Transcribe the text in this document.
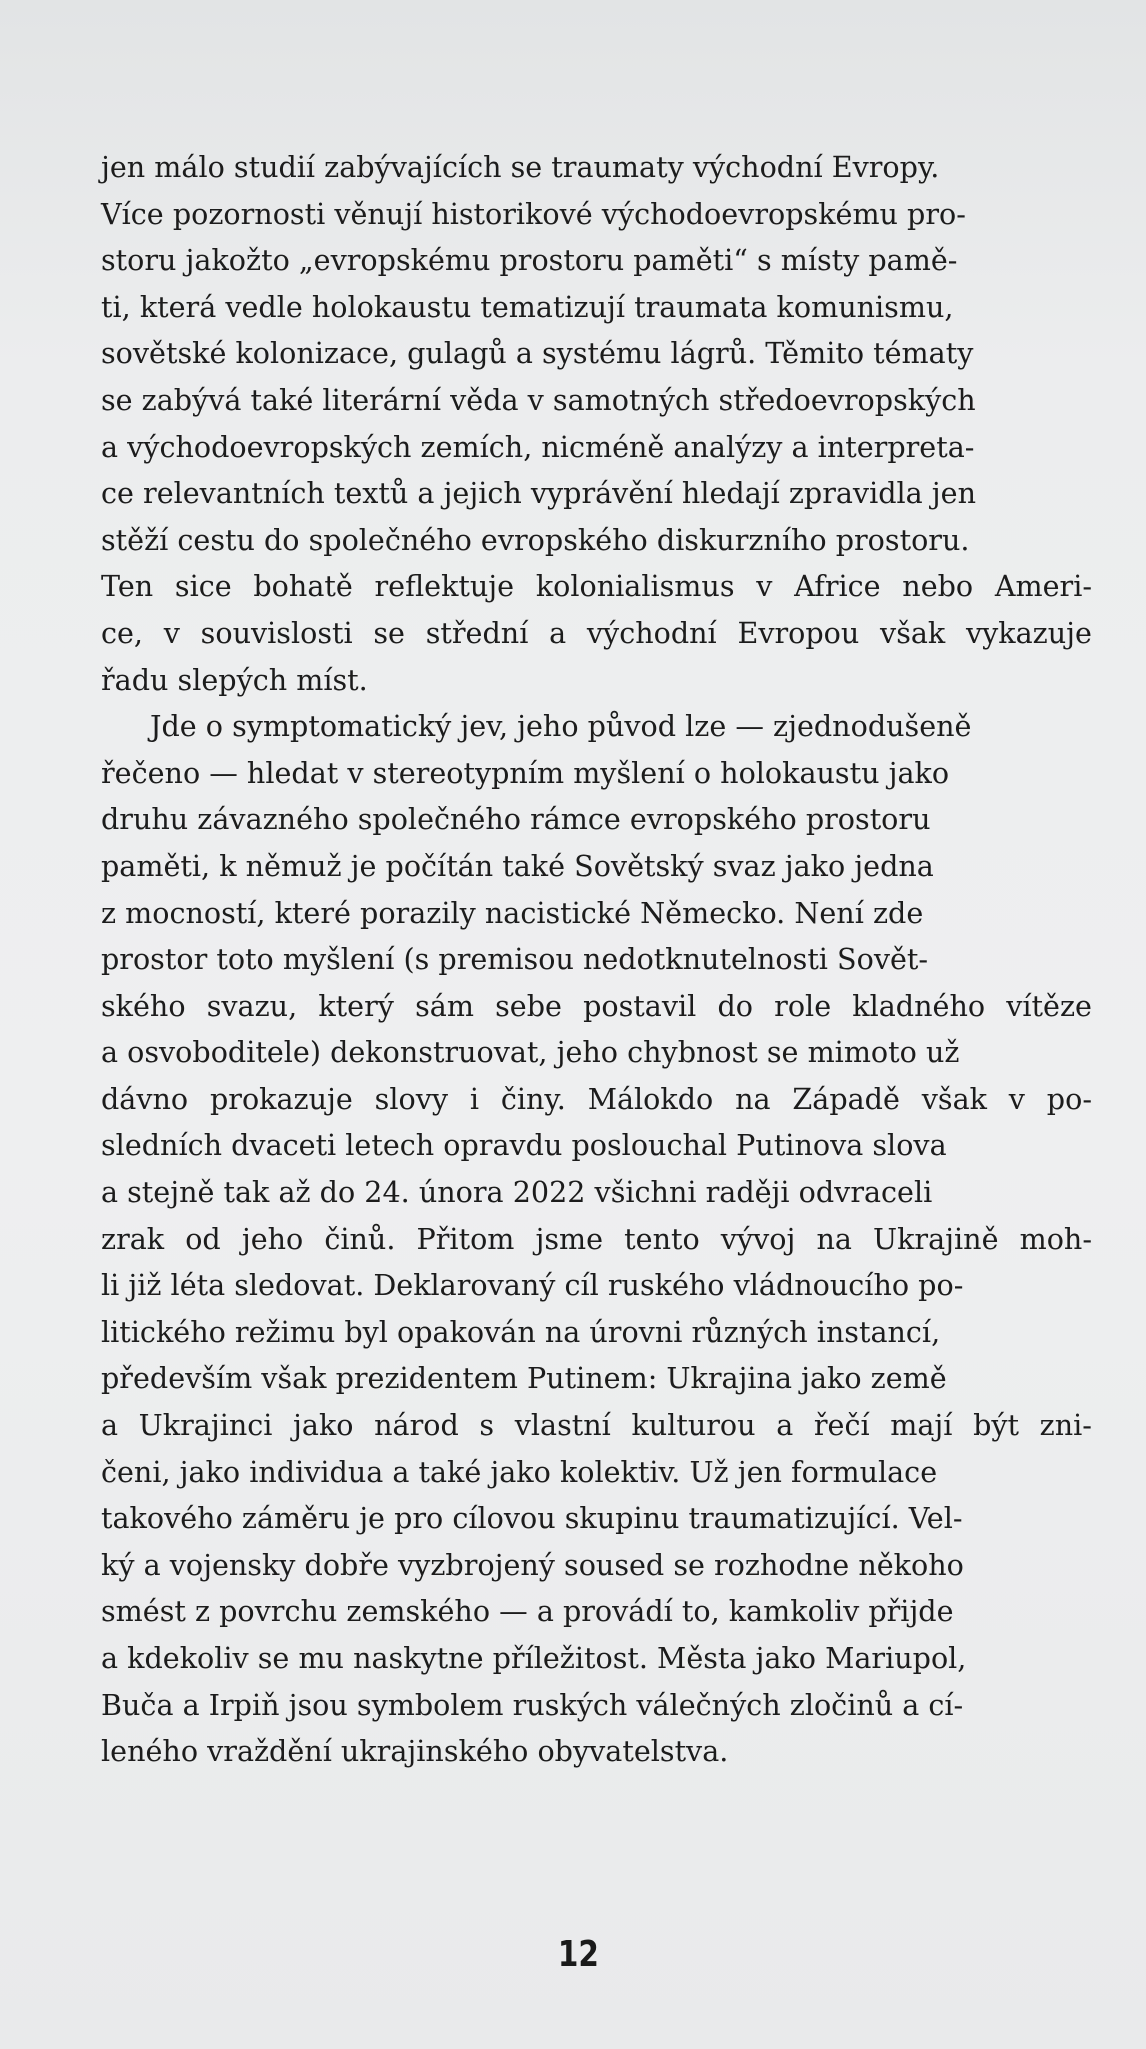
jen málo studií zabývajících se traumaty východní Evropy.
Více pozornosti věnují historikové východoevropskému pro-
storu jakožto „evropskému prostoru paměti“ s místy pamě-
ti, která vedle holokaustu tematizují traumata komunismu,
sovětské kolonizace, gulagů a systému lágrů. Těmito tématy
se zabývá také literární věda v samotných středoevropských
a východoevropských zemích, nicméně analýzy a interpreta-
ce relevantních textů a jejich vyprávění hledají zpravidla jen
stěží cestu do společného evropského diskurzního prostoru.
Ten sice bohatě reflektuje kolonialismus v Africe nebo Ameri-
ce, v souvislosti se střední a východní Evropou však vykazuje
řadu slepých míst.
Jde o symptomatický jev, jeho původ lze — zjednodušeně
řečeno — hledat v stereotypním myšlení o holokaustu jako
druhu závazného společného rámce evropského prostoru
paměti, k němuž je počítán také Sovětský svaz jako jedna
z mocností, které porazily nacistické Německo. Není zde
prostor toto myšlení (s premisou nedotknutelnosti Sovět-
ského svazu, který sám sebe postavil do role kladného vítěze
a osvoboditele) dekonstruovat, jeho chybnost se mimoto už
dávno prokazuje slovy i činy. Málokdo na Západě však v po-
sledních dvaceti letech opravdu poslouchal Putinova slova
a stejně tak až do 24. února 2022 všichni raději odvraceli
zrak od jeho činů. Přitom jsme tento vývoj na Ukrajině moh-
li již léta sledovat. Deklarovaný cíl ruského vládnoucího po-
litického režimu byl opakován na úrovni různých instancí,
především však prezidentem Putinem: Ukrajina jako země
a Ukrajinci jako národ s vlastní kulturou a řečí mají být zni-
čeni, jako individua a také jako kolektiv. Už jen formulace
takového záměru je pro cílovou skupinu traumatizující. Vel-
ký a vojensky dobře vyzbrojený soused se rozhodne někoho
smést z povrchu zemského — a provádí to, kamkoliv přijde
a kdekoliv se mu naskytne příležitost. Města jako Mariupol,
Buča a Irpiň jsou symbolem ruských válečných zločinů a cí-
leného vraždění ukrajinského obyvatelstva.
12
